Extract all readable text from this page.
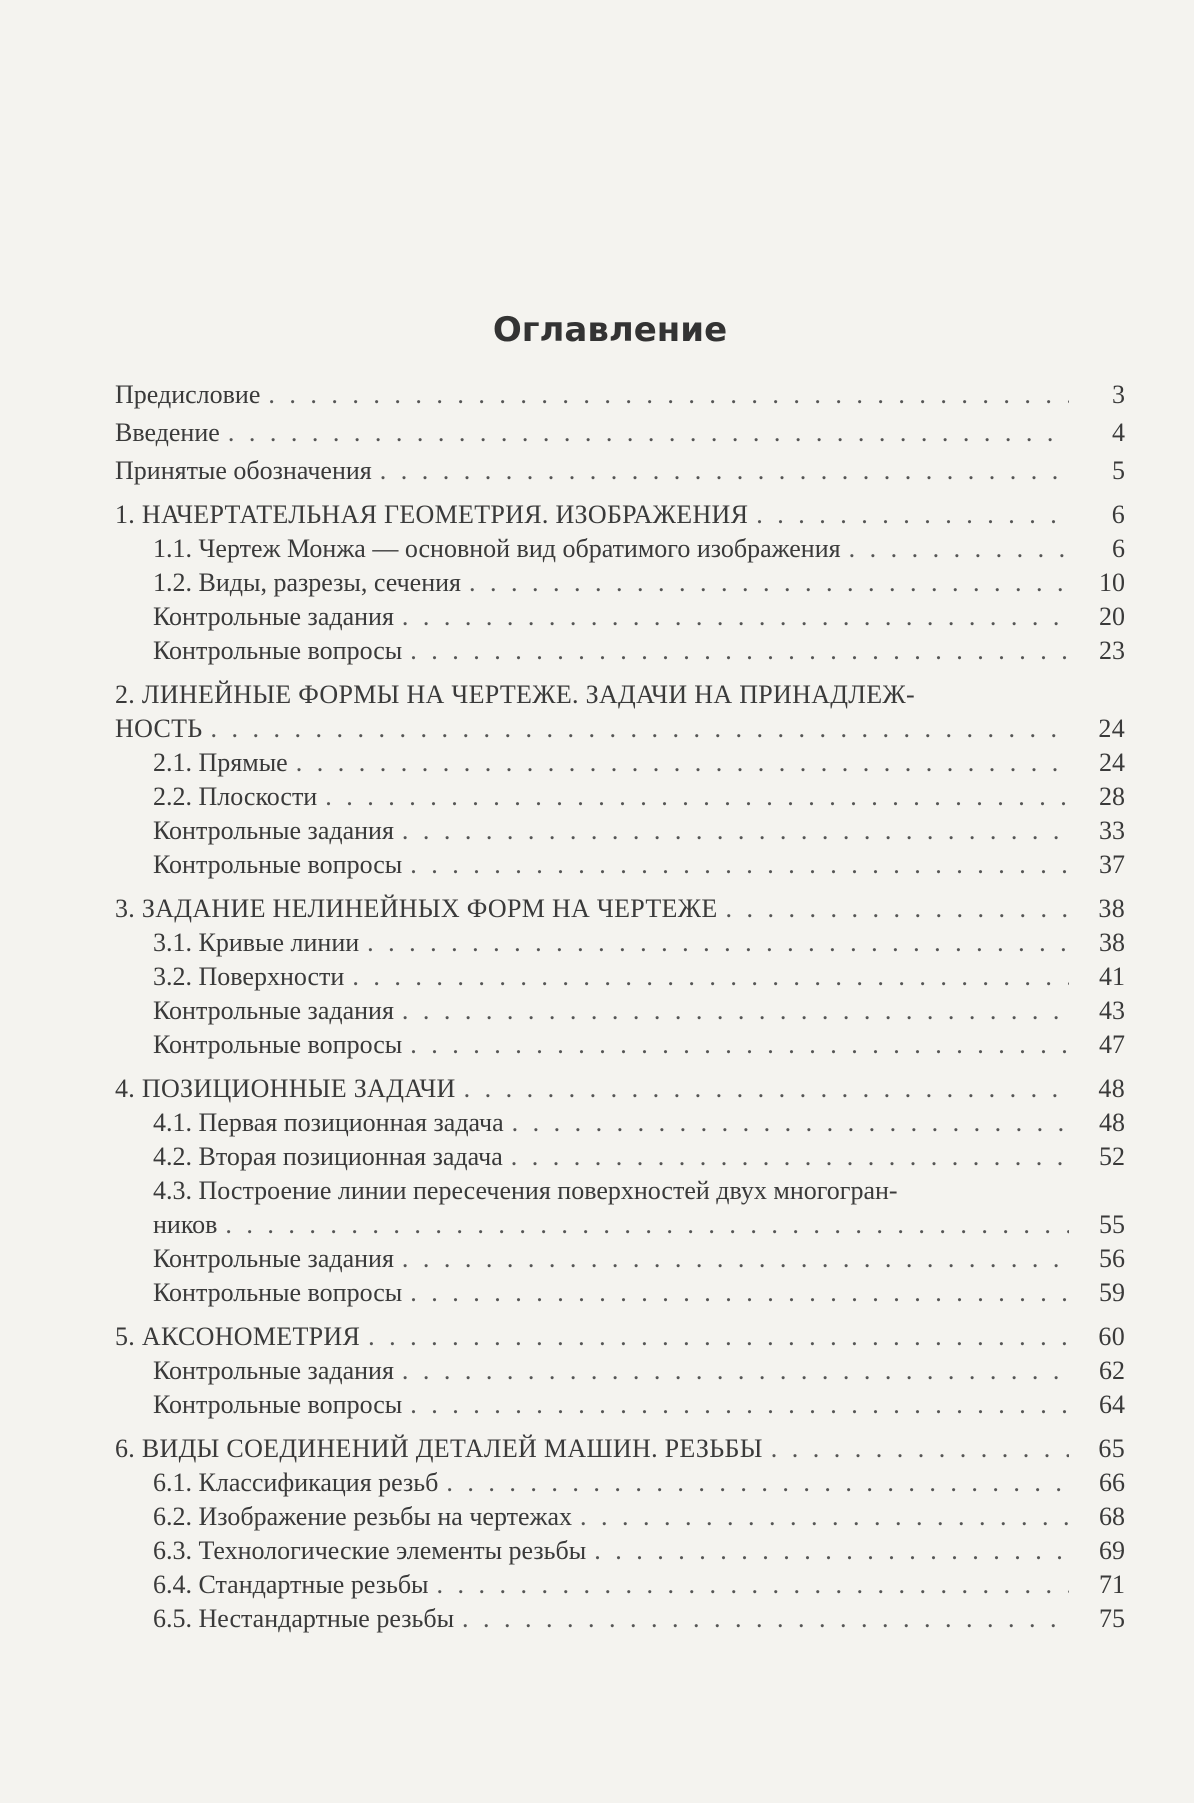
Оглавление
Предисловие . . .	3
Введение . . .	4
Принятые обозначения . . .	5
1. НАЧЕРТАТЕЛЬНАЯ ГЕОМЕТРИЯ. ИЗОБРАЖЕНИЯ . . .	6
1.1. Чертеж Монжа — основной вид обратимого изображения . . .	6
1.2. Виды, разрезы, сечения . . .	10
Контрольные задания . . .	20
Контрольные вопросы . . .	23
2. ЛИНЕЙНЫЕ ФОРМЫ НА ЧЕРТЕЖЕ. ЗАДАЧИ НА ПРИНАДЛЕЖ-
НОСТЬ . . .	24
2.1. Прямые . . .	24
2.2. Плоскости . . .	28
Контрольные задания . . .	33
Контрольные вопросы . . .	37
3. ЗАДАНИЕ НЕЛИНЕЙНЫХ ФОРМ НА ЧЕРТЕЖЕ . . .	38
3.1. Кривые линии . . .	38
3.2. Поверхности . . .	41
Контрольные задания . . .	43
Контрольные вопросы . . .	47
4. ПОЗИЦИОННЫЕ ЗАДАЧИ . . .	48
4.1. Первая позиционная задача . . .	48
4.2. Вторая позиционная задача . . .	52
4.3. Построение линии пересечения поверхностей двух многогран-
ников . . .	55
Контрольные задания . . .	56
Контрольные вопросы . . .	59
5. АКСОНОМЕТРИЯ . . .	60
Контрольные задания . . .	62
Контрольные вопросы . . .	64
6. ВИДЫ СОЕДИНЕНИЙ ДЕТАЛЕЙ МАШИН. РЕЗЬБЫ . . .	65
6.1. Классификация резьб . . .	66
6.2. Изображение резьбы на чертежах . . .	68
6.3. Технологические элементы резьбы . . .	69
6.4. Стандартные резьбы . . .	71
6.5. Нестандартные резьбы . . .	75
